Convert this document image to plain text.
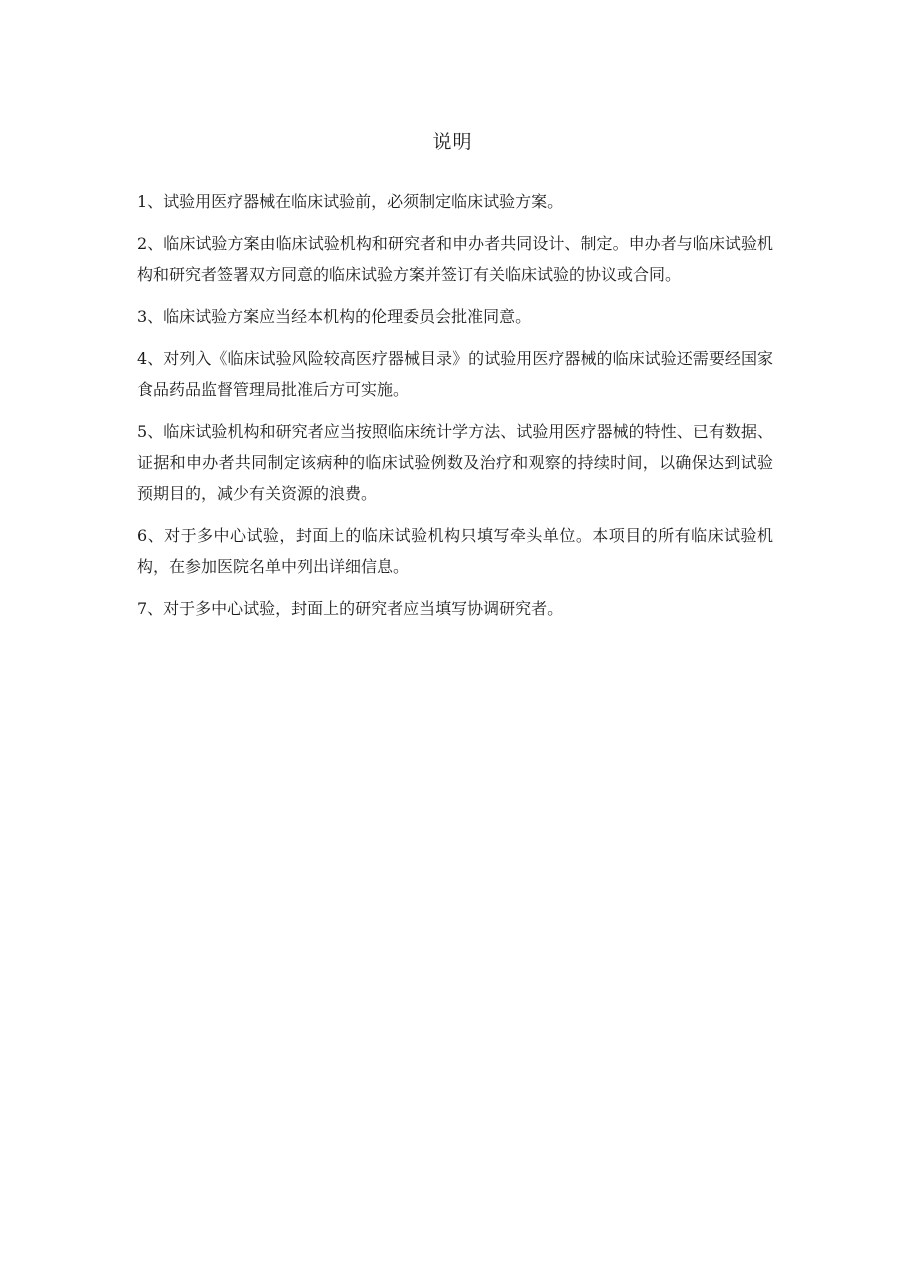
说明

1、试验用医疗器械在临床试验前，必须制定临床试验方案。

2、临床试验方案由临床试验机构和研究者和申办者共同设计、制定。申办者与临床试验机构和研究者签署双方同意的临床试验方案并签订有关临床试验的协议或合同。

3、临床试验方案应当经本机构的伦理委员会批准同意。

4、对列入《临床试验风险较高医疗器械目录》的试验用医疗器械的临床试验还需要经国家食品药品监督管理局批准后方可实施。

5、临床试验机构和研究者应当按照临床统计学方法、试验用医疗器械的特性、已有数据、证据和申办者共同制定该病种的临床试验例数及治疗和观察的持续时间，以确保达到试验预期目的，减少有关资源的浪费。

6、对于多中心试验，封面上的临床试验机构只填写牵头单位。本项目的所有临床试验机构，在参加医院名单中列出详细信息。

7、对于多中心试验，封面上的研究者应当填写协调研究者。
